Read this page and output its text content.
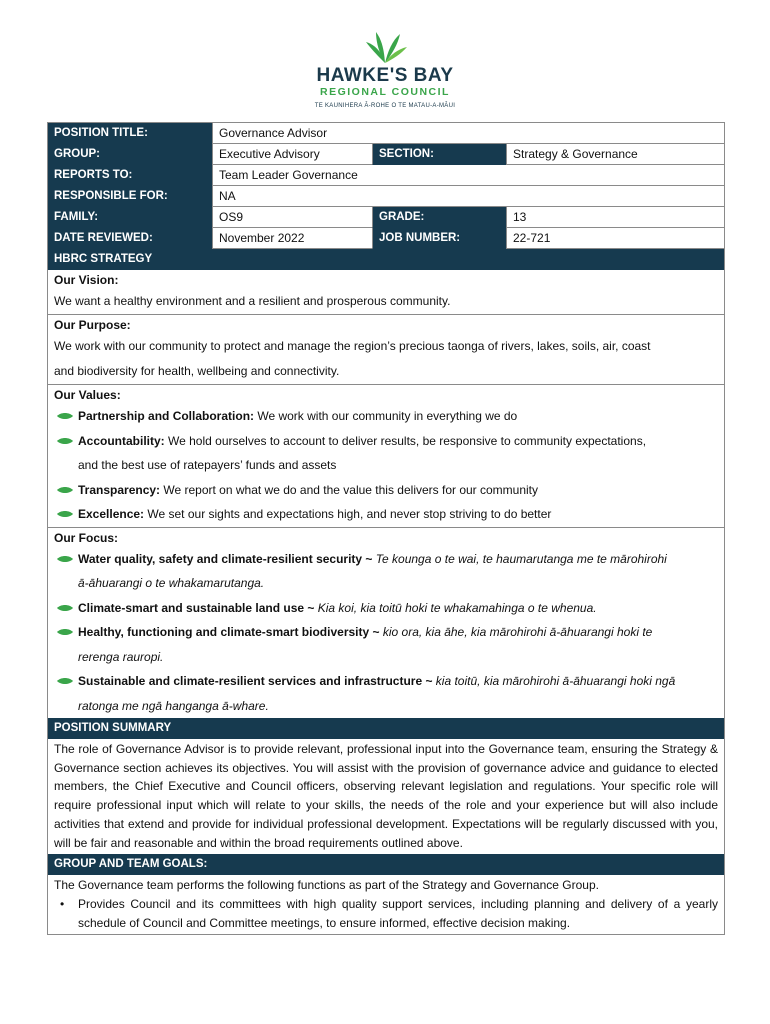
HAWKE'S BAY
REGIONAL COUNCIL
TE KAUNIHERA Ā-ROHE O TE MATAU-A-MĀUI
POSITION TITLE:	Governance Advisor
GROUP:	Executive Advisory	SECTION:	Strategy & Governance
REPORTS TO:	Team Leader Governance
RESPONSIBLE FOR:	NA
FAMILY:	OS9	GRADE:	13
DATE REVIEWED:	November 2022	JOB NUMBER:	22-721
HBRC STRATEGY
Our Vision:

We want a healthy environment and a resilient and prosperous community.

Our Purpose:

We work with our community to protect and manage the region’s precious taonga of rivers, lakes, soils, air, coast

and biodiversity for health, wellbeing and connectivity.

Our Values:
Partnership and Collaboration: We work with our community in everything we do
Accountability: We hold ourselves to account to deliver results, be responsive to community expectations,
and the best use of ratepayers’ funds and assets
Transparency: We report on what we do and the value this delivers for our community
Excellence: We set our sights and expectations high, and never stop striving to do better
Our Focus:
Water quality, safety and climate-resilient security ~ Te kounga o te wai, te haumarutanga me te mārohirohi
ā-āhuarangi o te whakamarutanga.
Climate-smart and sustainable land use ~ Kia koi, kia toitū hoki te whakamahinga o te whenua.
Healthy, functioning and climate-smart biodiversity ~ kio ora, kia āhe, kia mārohirohi ā-āhuarangi hoki te
rerenga rauropi.
Sustainable and climate-resilient services and infrastructure ~ kia toitū, kia mārohirohi ā-āhuarangi hoki ngā
ratonga me ngā hanganga ā-whare.
POSITION SUMMARY
The role of Governance Advisor is to provide relevant, professional input into the Governance team, ensuring the Strategy & Governance section achieves its objectives. You will assist with the provision of governance advice and guidance to elected members, the Chief Executive and Council officers, observing relevant legislation and regulations. Your specific role will require professional input which will relate to your skills, the needs of the role and your experience but will also include activities that extend and provide for individual professional development. Expectations will be regularly discussed with you, will be fair and reasonable and within the broad requirements outlined above.
GROUP AND TEAM GOALS:
The Governance team performs the following functions as part of the Strategy and Governance Group.
• Provides Council and its committees with high quality support services, including planning and delivery of a yearly schedule of Council and Committee meetings, to ensure informed, effective decision making.
